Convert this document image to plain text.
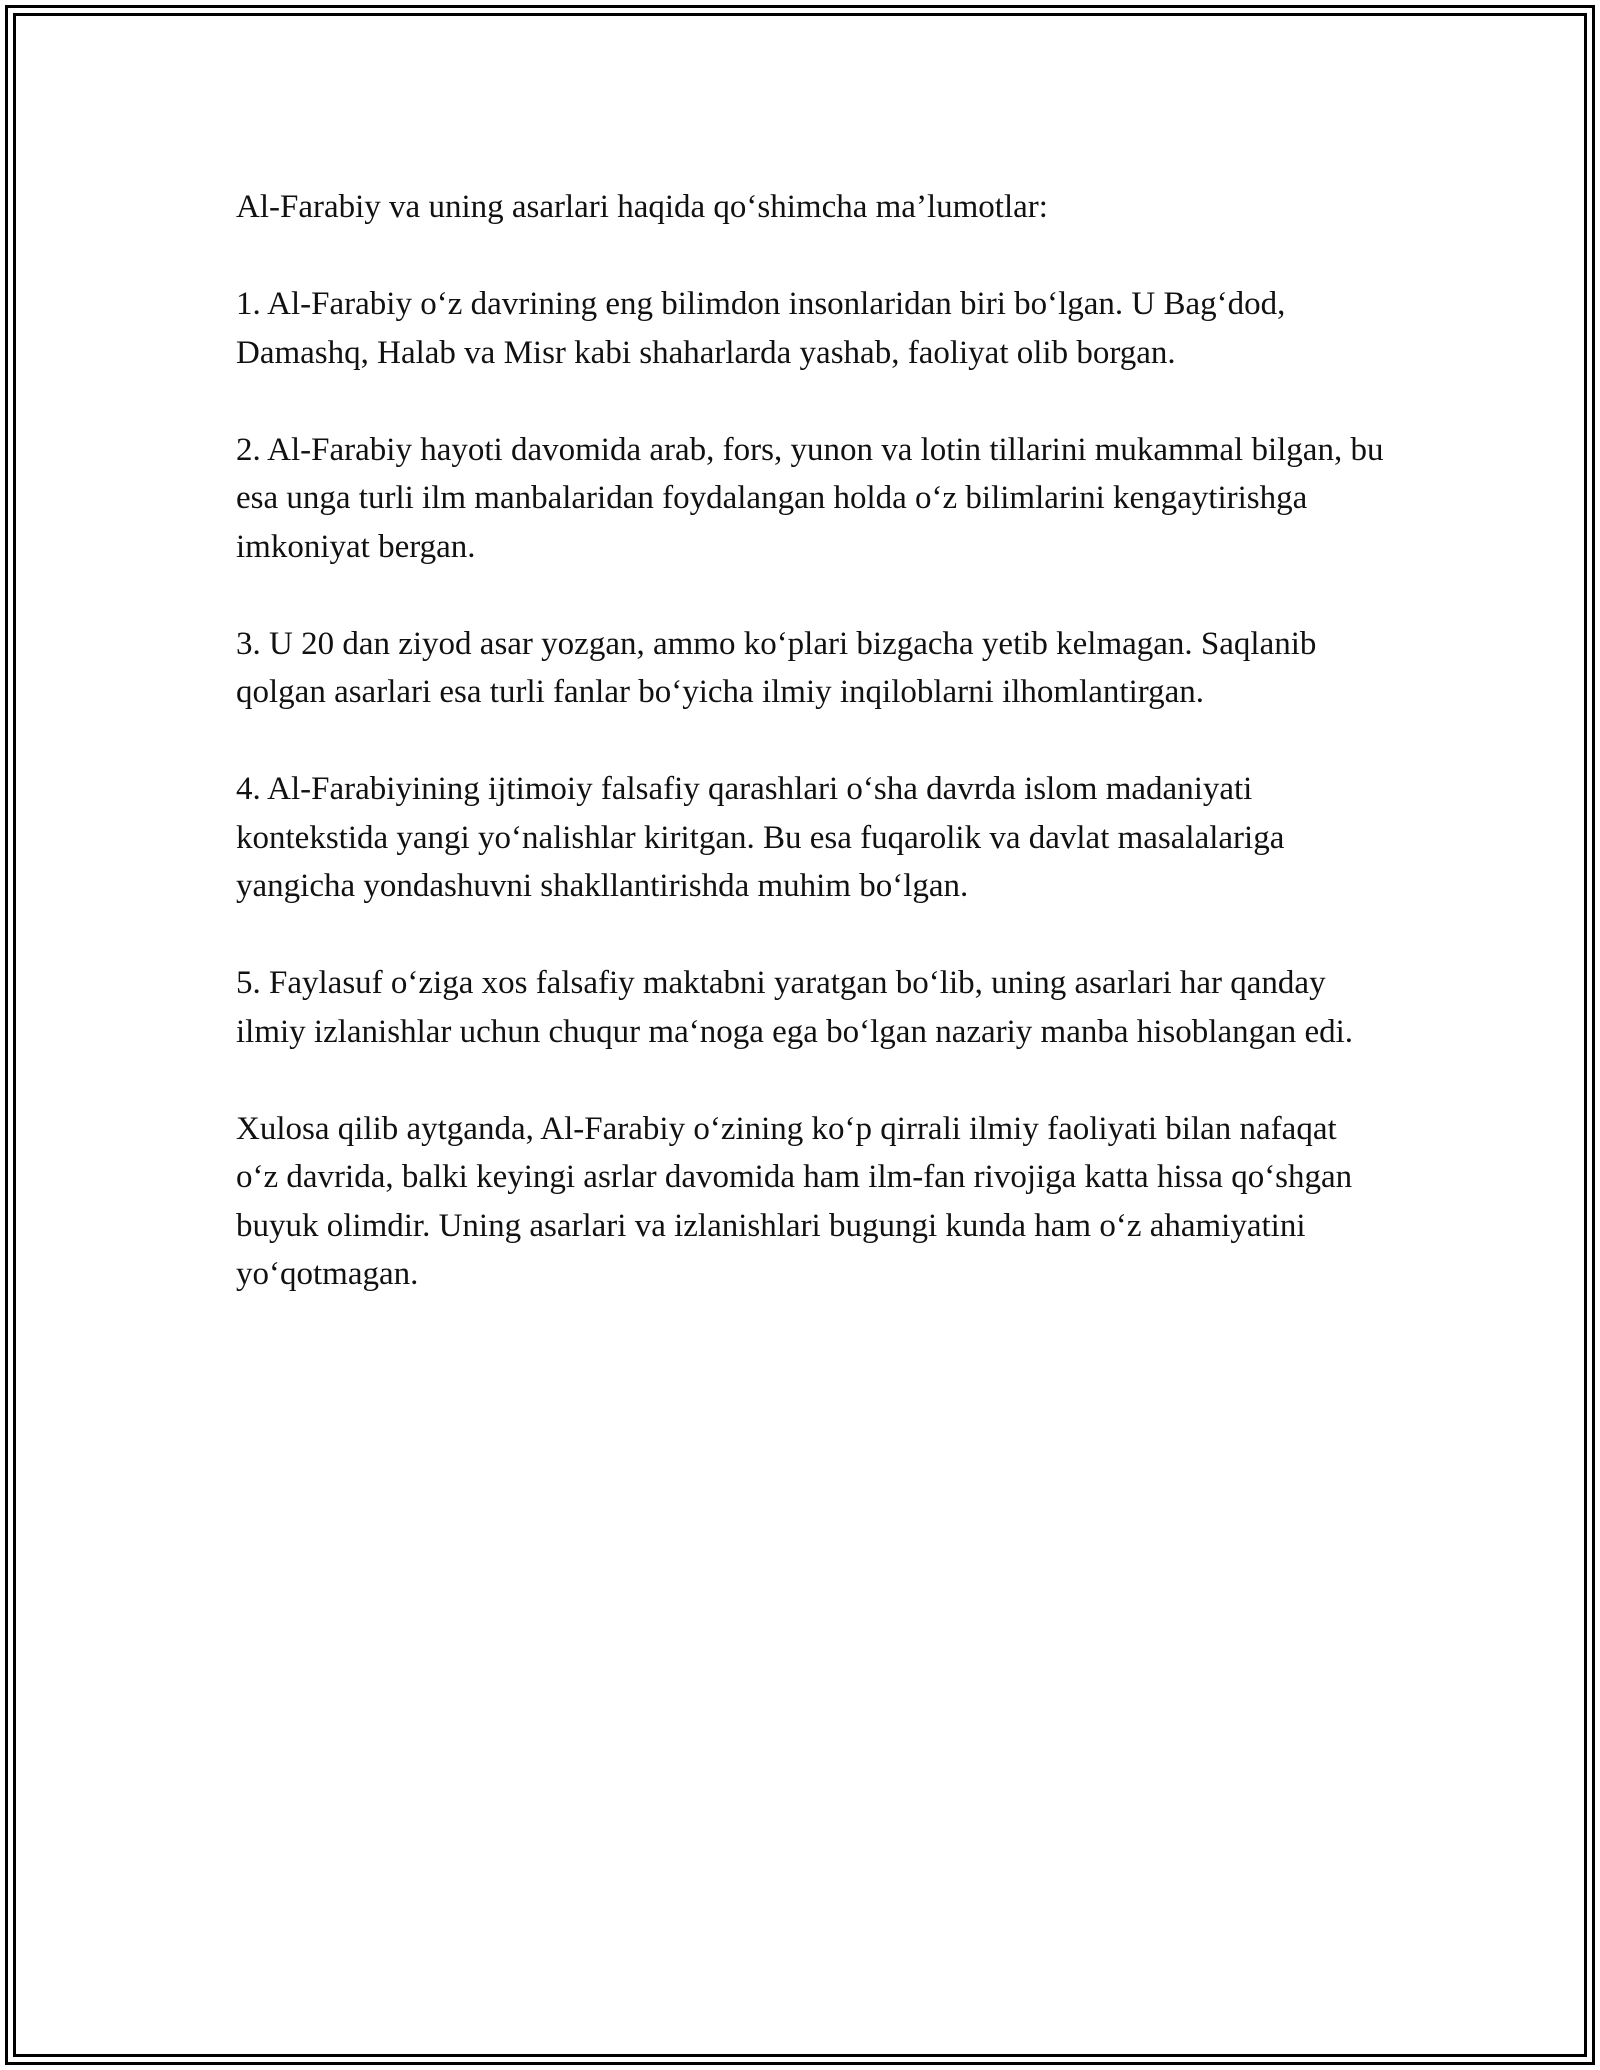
Al-Farabiy va uning asarlari haqida qo‘shimcha ma’lumotlar:

1. Al-Farabiy o‘z davrining eng bilimdon insonlaridan biri bo‘lgan. U Bag‘dod, Damashq, Halab va Misr kabi shaharlarda yashab, faoliyat olib borgan.

2. Al-Farabiy hayoti davomida arab, fors, yunon va lotin tillarini mukammal bilgan, bu esa unga turli ilm manbalaridan foydalangan holda o‘z bilimlarini kengaytirishga imkoniyat bergan.

3. U 20 dan ziyod asar yozgan, ammo ko‘plari bizgacha yetib kelmagan. Saqlanib qolgan asarlari esa turli fanlar bo‘yicha ilmiy inqiloblarni ilhomlantirgan.

4. Al-Farabiyining ijtimoiy falsafiy qarashlari o‘sha davrda islom madaniyati kontekstida yangi yo‘nalishlar kiritgan. Bu esa fuqarolik va davlat masalalariga yangicha yondashuvni shakllantirishda muhim bo‘lgan.

5. Faylasuf o‘ziga xos falsafiy maktabni yaratgan bo‘lib, uning asarlari har qanday ilmiy izlanishlar uchun chuqur ma‘noga ega bo‘lgan nazariy manba hisoblangan edi.

Xulosa qilib aytganda, Al-Farabiy o‘zining ko‘p qirrali ilmiy faoliyati bilan nafaqat o‘z davrida, balki keyingi asrlar davomida ham ilm-fan rivojiga katta hissa qo‘shgan buyuk olimdir. Uning asarlari va izlanishlari bugungi kunda ham o‘z ahamiyatini yo‘qotmagan.
